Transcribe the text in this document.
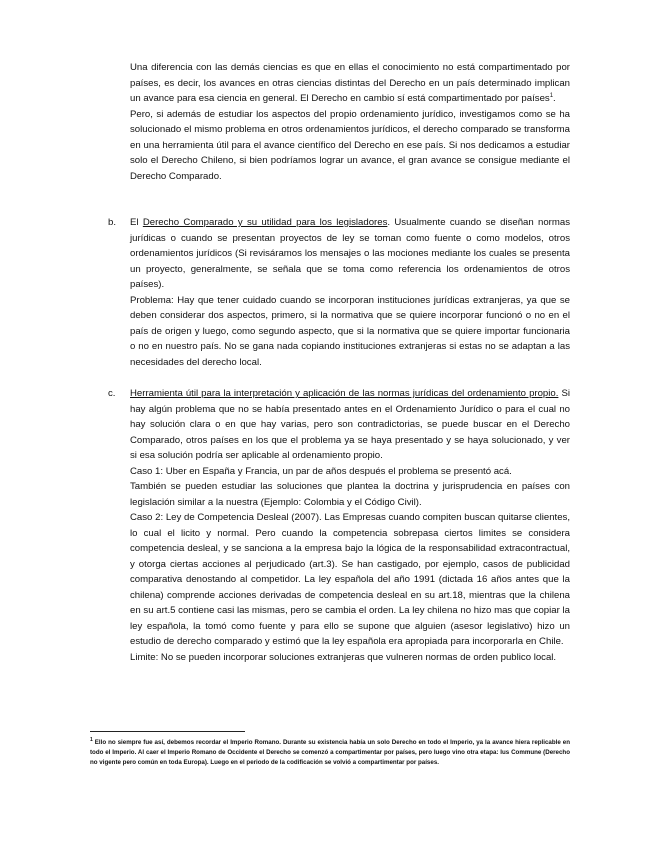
Una diferencia con las demás ciencias es que en ellas el conocimiento no está compartimentado por países, es decir, los avances en otras ciencias distintas del Derecho en un país determinado implican un avance para esa ciencia en general. El Derecho en cambio sí está compartimentado por países$^1$.

Pero, si además de estudiar los aspectos del propio ordenamiento jurídico, investigamos como se ha solucionado el mismo problema en otros ordenamientos jurídicos, el derecho comparado se transforma en una herramienta útil para el avance científico del Derecho en ese país. Si nos dedicamos a estudiar solo el Derecho Chileno, si bien podríamos lograr un avance, el gran avance se consigue mediante el Derecho Comparado.

b. El Derecho Comparado y su utilidad para los legisladores. Usualmente cuando se diseñan normas jurídicas o cuando se presentan proyectos de ley se toman como fuente o como modelos, otros ordenamientos jurídicos (Si revisáramos los mensajes o las mociones mediante los cuales se presenta un proyecto, generalmente, se señala que se toma como referencia los ordenamientos de otros países).

Problema: Hay que tener cuidado cuando se incorporan instituciones jurídicas extranjeras, ya que se deben considerar dos aspectos, primero, si la normativa que se quiere incorporar funcionó o no en el país de origen y luego, como segundo aspecto, que si la normativa que se quiere importar funcionaria o no en nuestro país. No se gana nada copiando instituciones extranjeras si estas no se adaptan a las necesidades del derecho local.

c. Herramienta útil para la interpretación y aplicación de las normas jurídicas del ordenamiento propio. Si hay algún problema que no se había presentado antes en el Ordenamiento Jurídico o para el cual no hay solución clara o en que hay varias, pero son contradictorias, se puede buscar en el Derecho Comparado, otros países en los que el problema ya se haya presentado y se haya solucionado, y ver si esa solución podría ser aplicable al ordenamiento propio.

Caso 1: Uber en España y Francia, un par de años después el problema se presentó acá.

También se pueden estudiar las soluciones que plantea la doctrina y jurisprudencia en países con legislación similar a la nuestra (Ejemplo: Colombia y el Código Civil).

Caso 2: Ley de Competencia Desleal (2007). Las Empresas cuando compiten buscan quitarse clientes, lo cual el licito y normal. Pero cuando la competencia sobrepasa ciertos limites se considera competencia desleal, y se sanciona a la empresa bajo la lógica de la responsabilidad extracontractual, y otorga ciertas acciones al perjudicado (art.3). Se han castigado, por ejemplo, casos de publicidad comparativa denostando al competidor. La ley española del año 1991 (dictada 16 años antes que la chilena) comprende acciones derivadas de competencia desleal en su art.18, mientras que la chilena en su art.5 contiene casi las mismas, pero se cambia el orden. La ley chilena no hizo mas que copiar la ley española, la tomó como fuente y para ello se supone que alguien (asesor legislativo) hizo un estudio de derecho comparado y estimó que la ley española era apropiada para incorporarla en Chile.

Limite: No se pueden incorporar soluciones extranjeras que vulneren normas de orden publico local.

$^1$ Ello no siempre fue así, debemos recordar el Imperio Romano. Durante su existencia había un solo Derecho en todo el Imperio, ya la avance hiera replicable en todo el Imperio. Al caer el Imperio Romano de Occidente el Derecho se comenzó a compartimentar por países, pero luego vino otra etapa: Ius Commune (Derecho no vigente pero común en toda Europa). Luego en el periodo de la codificación se volvió a compartimentar por países.
